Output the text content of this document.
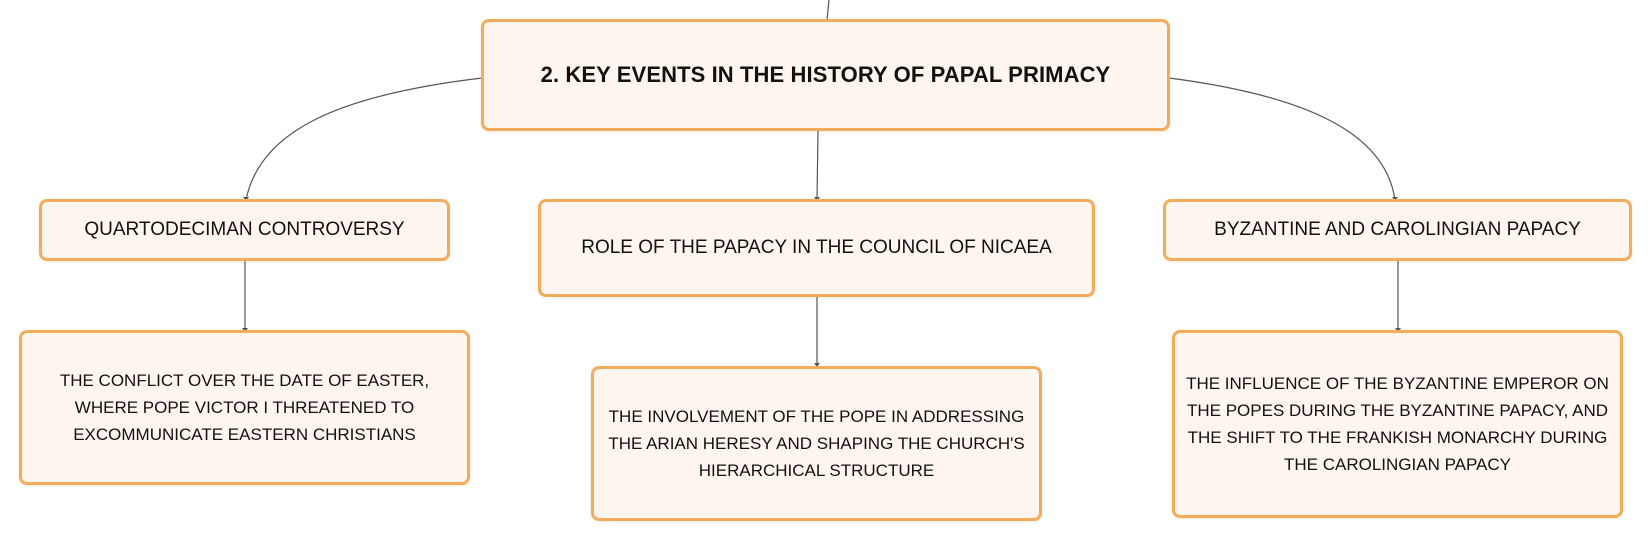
2. KEY EVENTS IN THE HISTORY OF PAPAL PRIMACY
QUARTODECIMAN CONTROVERSY
ROLE OF THE PAPACY IN THE COUNCIL OF NICAEA
BYZANTINE AND CAROLINGIAN PAPACY
THE CONFLICT OVER THE DATE OF EASTER, WHERE POPE VICTOR I THREATENED TO EXCOMMUNICATE EASTERN CHRISTIANS
THE INVOLVEMENT OF THE POPE IN ADDRESSING THE ARIAN HERESY AND SHAPING THE CHURCH'S HIERARCHICAL STRUCTURE
THE INFLUENCE OF THE BYZANTINE EMPEROR ON THE POPES DURING THE BYZANTINE PAPACY, AND THE SHIFT TO THE FRANKISH MONARCHY DURING THE CAROLINGIAN PAPACY
